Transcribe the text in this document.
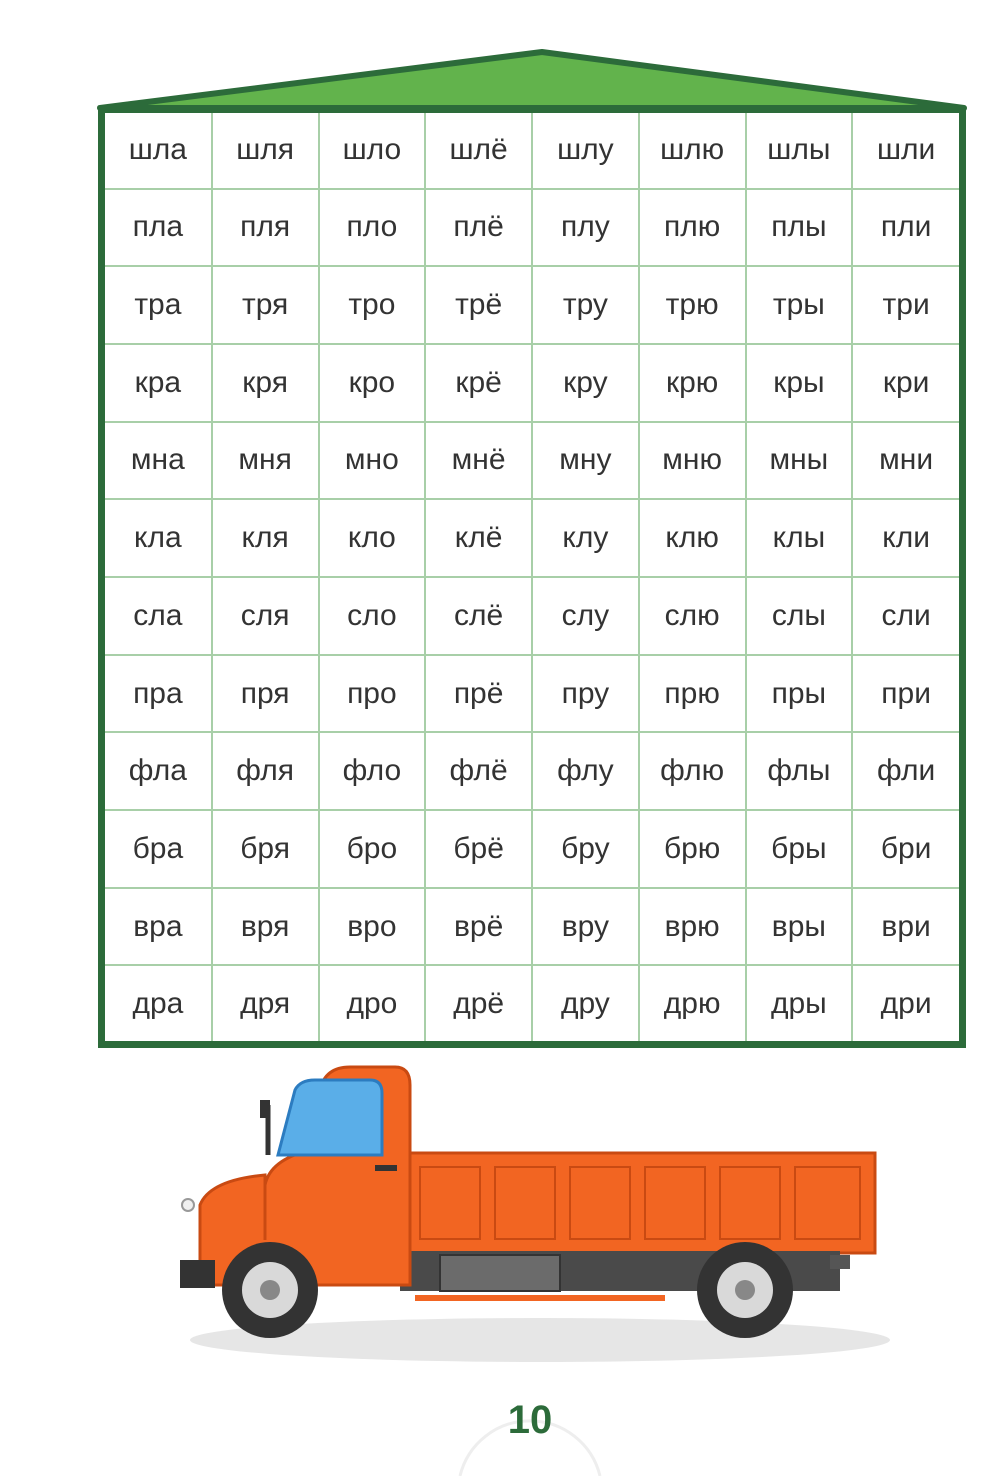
шла	шля	шло	шлё	шлу	шлю	шлы	шли
пла	пля	пло	плё	плу	плю	плы	пли
тра	тря	тро	трё	тру	трю	тры	три
кра	кря	кро	крё	кру	крю	кры	кри
мна	мня	мно	мнё	мну	мню	мны	мни
кла	кля	кло	клё	клу	клю	клы	кли
сла	сля	сло	слё	слу	слю	слы	сли
пра	пря	про	прё	пру	прю	пры	при
фла	фля	фло	флё	флу	флю	флы	фли
бра	бря	бро	брё	бру	брю	бры	бри
вра	вря	вро	врё	вру	врю	вры	ври
дра	дря	дро	дрё	дру	дрю	дры	дри
10
